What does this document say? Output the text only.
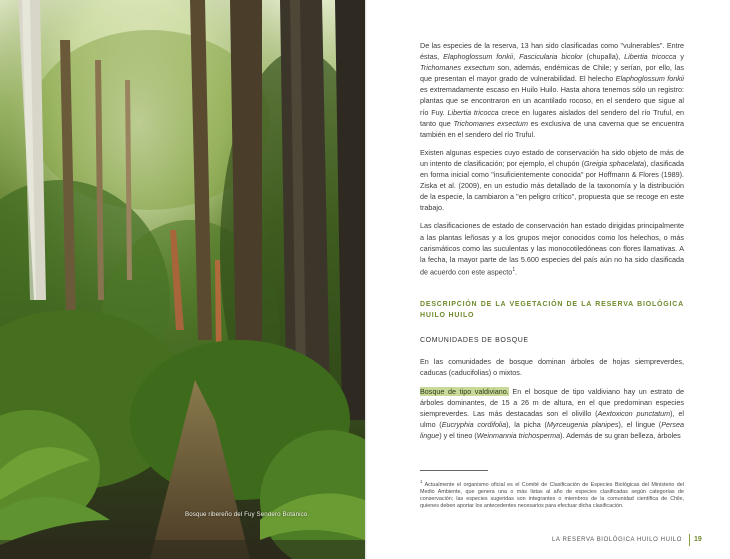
Bosque ribereño del Fuy Sendero Botánico.

De las especies de la reserva, 13 han sido clasificadas como "vulnerables". Entre éstas, Elaphoglossum fonkii, Fascicularia bicolor (chupalla), Libertia tricocca y Trichomanes exsectum son, además, endémicas de Chile; y serían, por ello, las que presentan el mayor grado de vulnerabilidad. El helecho Elaphoglossum fonkii es extremadamente escaso en Huilo Huilo. Hasta ahora tenemos sólo un registro: plantas que se encontraron en un acantilado rocoso, en el sendero que sigue al río Fuy. Libertia tricocca crece en lugares aislados del sendero del río Truful, en tanto que Trichomanes exsectum es exclusiva de una caverna que se encuentra también en el sendero del río Truful.

Existen algunas especies cuyo estado de conservación ha sido objeto de más de un intento de clasificación; por ejemplo, el chupón (Greigia sphacelata), clasificada en forma inicial como "insuficientemente conocida" por Hoffmann & Flores (1989). Ziska et al. (2009), en un estudio más detallado de la taxonomía y la distribución de la especie, la cambiaron a "en peligro crítico", propuesta que se recoge en este trabajo.

Las clasificaciones de estado de conservación han estado dirigidas principalmente a las plantas leñosas y a los grupos mejor conocidos como los helechos, o más carismáticos como las suculentas y las monocotiledóneas con flores llamativas. A la fecha, la mayor parte de las 5.600 especies del país aún no ha sido clasificada de acuerdo con este aspecto$^1$.

DESCRIPCIÓN DE LA VEGETACIÓN DE LA RESERVA BIOLÓGICA HUILO HUILO
COMUNIDADES DE BOSQUE

En las comunidades de bosque dominan árboles de hojas siempreverdes, caducas (caducifolias) o mixtos.

Bosque de tipo valdiviano. En el bosque de tipo valdiviano hay un estrato de árboles dominantes, de 15 a 26 m de altura, en el que predominan especies siempreverdes. Las más destacadas son el olivillo (Aextoxicon punctatum), el ulmo (Eucryphia cordifolia), la picha (Myrceugenia planipes), el lingue (Persea lingue) y el tineo (Weinmannia trichosperma). Además de su gran belleza, árboles

$^1$ Actualmente el organismo oficial es el Comité de Clasificación de Especies Biológicas del Ministerio del Medio Ambiente, que genera una o más listas al año de especies clasificadas según categorías de conservación; las especies sugeridas son integrantes o miembros de la comunidad científica de Chile, quienes deben aportar los antecedentes necesarios para efectuar dicha clasificación.
LA RESERVA BIOLÓGICA HUILO HUILO 19
